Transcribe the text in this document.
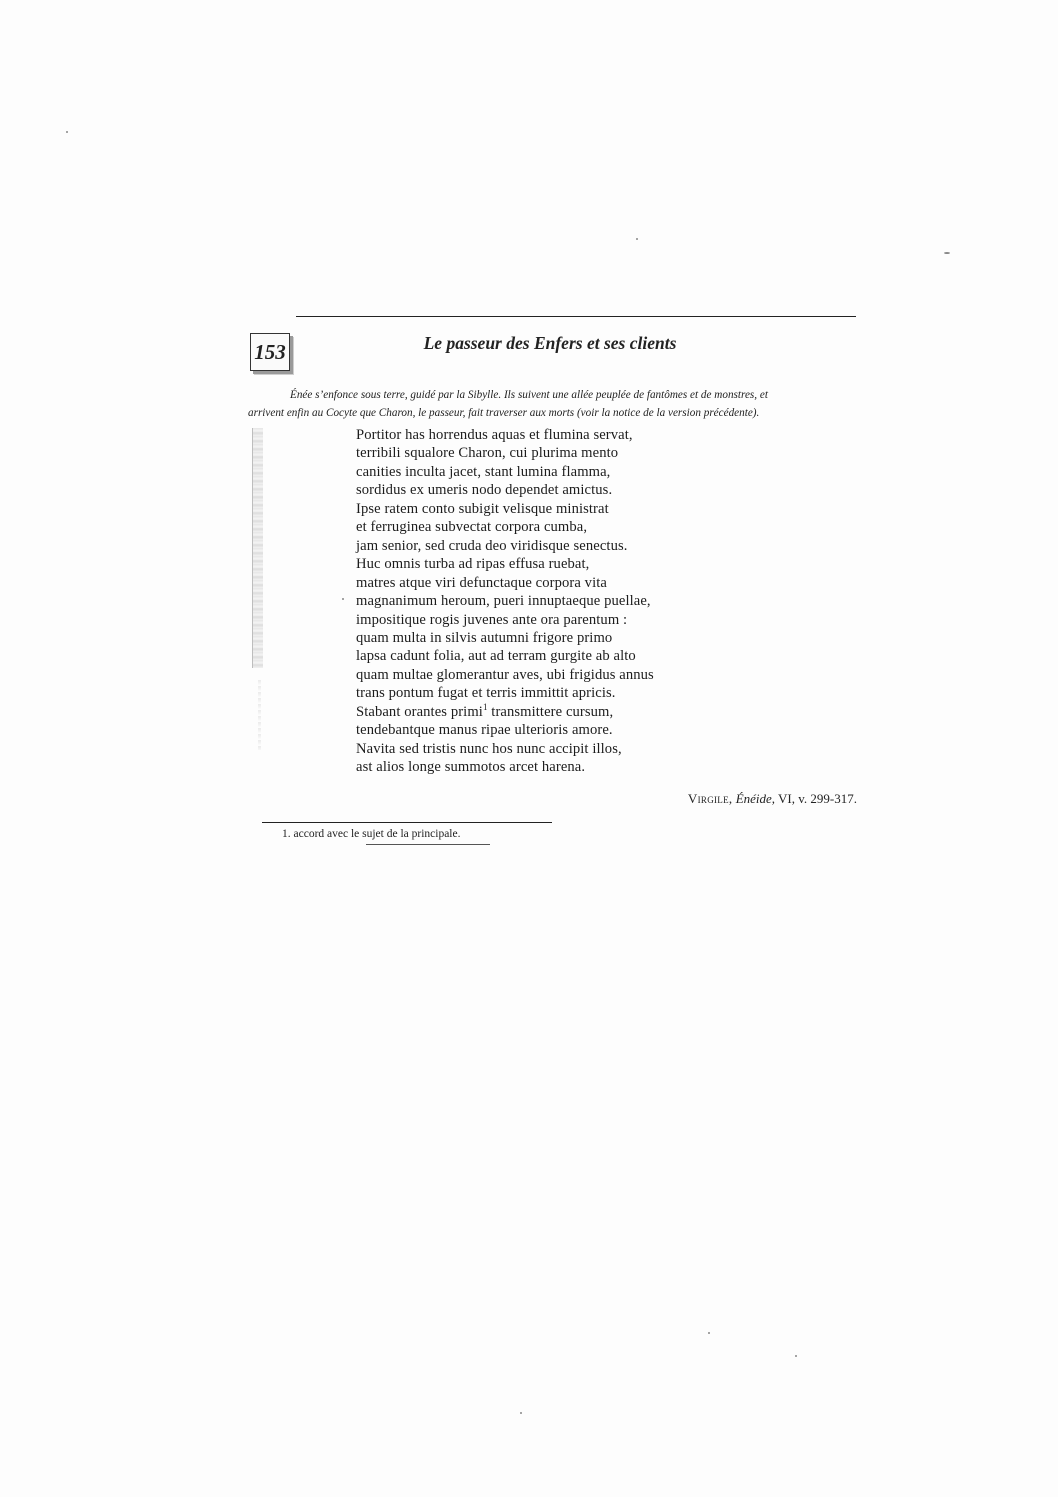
153	Le passeur des Enfers et ses clients
Énée s’enfonce sous terre, guidé par la Sibylle. Ils suivent une allée peuplée de fantômes et de monstres, et
arrivent enfin au Cocyte que Charon, le passeur, fait traverser aux morts (voir la notice de la version précédente).
Portitor has horrendus aquas et flumina servat,
terribili squalore Charon, cui plurima mento
canities inculta jacet, stant lumina flamma,
sordidus ex umeris nodo dependet amictus.
Ipse ratem conto subigit velisque ministrat
et ferruginea subvectat corpora cumba,
jam senior, sed cruda deo viridisque senectus.
Huc omnis turba ad ripas effusa ruebat,
matres atque viri defunctaque corpora vita
magnanimum heroum, pueri innuptaeque puellae,
impositique rogis juvenes ante ora parentum :
quam multa in silvis autumni frigore primo
lapsa cadunt folia, aut ad terram gurgite ab alto
quam multae glomerantur aves, ubi frigidus annus
trans pontum fugat et terris immittit apricis.
Stabant orantes primi$^1$ transmittere cursum,
tendebantque manus ripae ulterioris amore.
Navita sed tristis nunc hos nunc accipit illos,
ast alios longe summotos arcet harena.
Virgile, Énéide, VI, v. 299-317.
1. accord avec le sujet de la principale.
